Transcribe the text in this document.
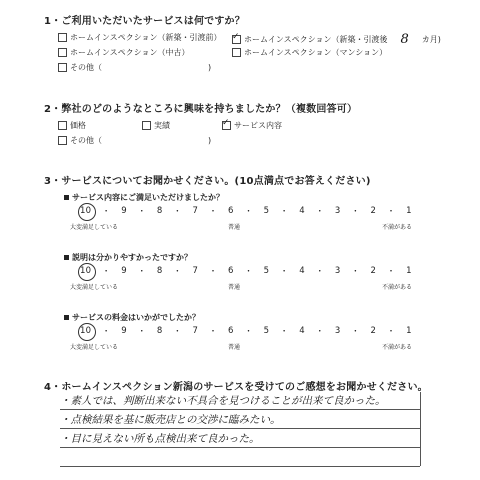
1・ご利用いただいたサービスは何ですか？
ホームインスペクション（新築・引渡前） ✓	ホームインスペクション（新築・引渡後 8 カ月)
ホームインスペクション（中古）	ホームインスペクション（マンション）
その他（	)
2・弊社のどのようなところに興味を持ちましたか？（複数回答可）
価格	実績 ✓	サービス内容
その他（	)
3・サービスについてお聞かせください。(10点満点でお答えください)
サービス内容にご満足いただけましたか？
10	・	9	・	8	・	7	・	6	・	5	・	4	・	3	・	2	・	1
大変満足している	普通	不満がある
説明は分かりやすかったですか？
10	・	9	・	8	・	7	・	6	・	5	・	4	・	3	・	2	・	1
大変満足している	普通	不満がある
サービスの料金はいかがでしたか？
10	・	9	・	8	・	7	・	6	・	5	・	4	・	3	・	2	・	1
大変満足している	普通	不満がある
4・ホームインスペクション新潟のサービスを受けてのご感想をお聞かせください。
・素人では、判断出来ない不具合を見つけることが出来て良かった。
・点検結果を基に販売店との交渉に臨みたい。
・目に見えない所も点検出来て良かった。
